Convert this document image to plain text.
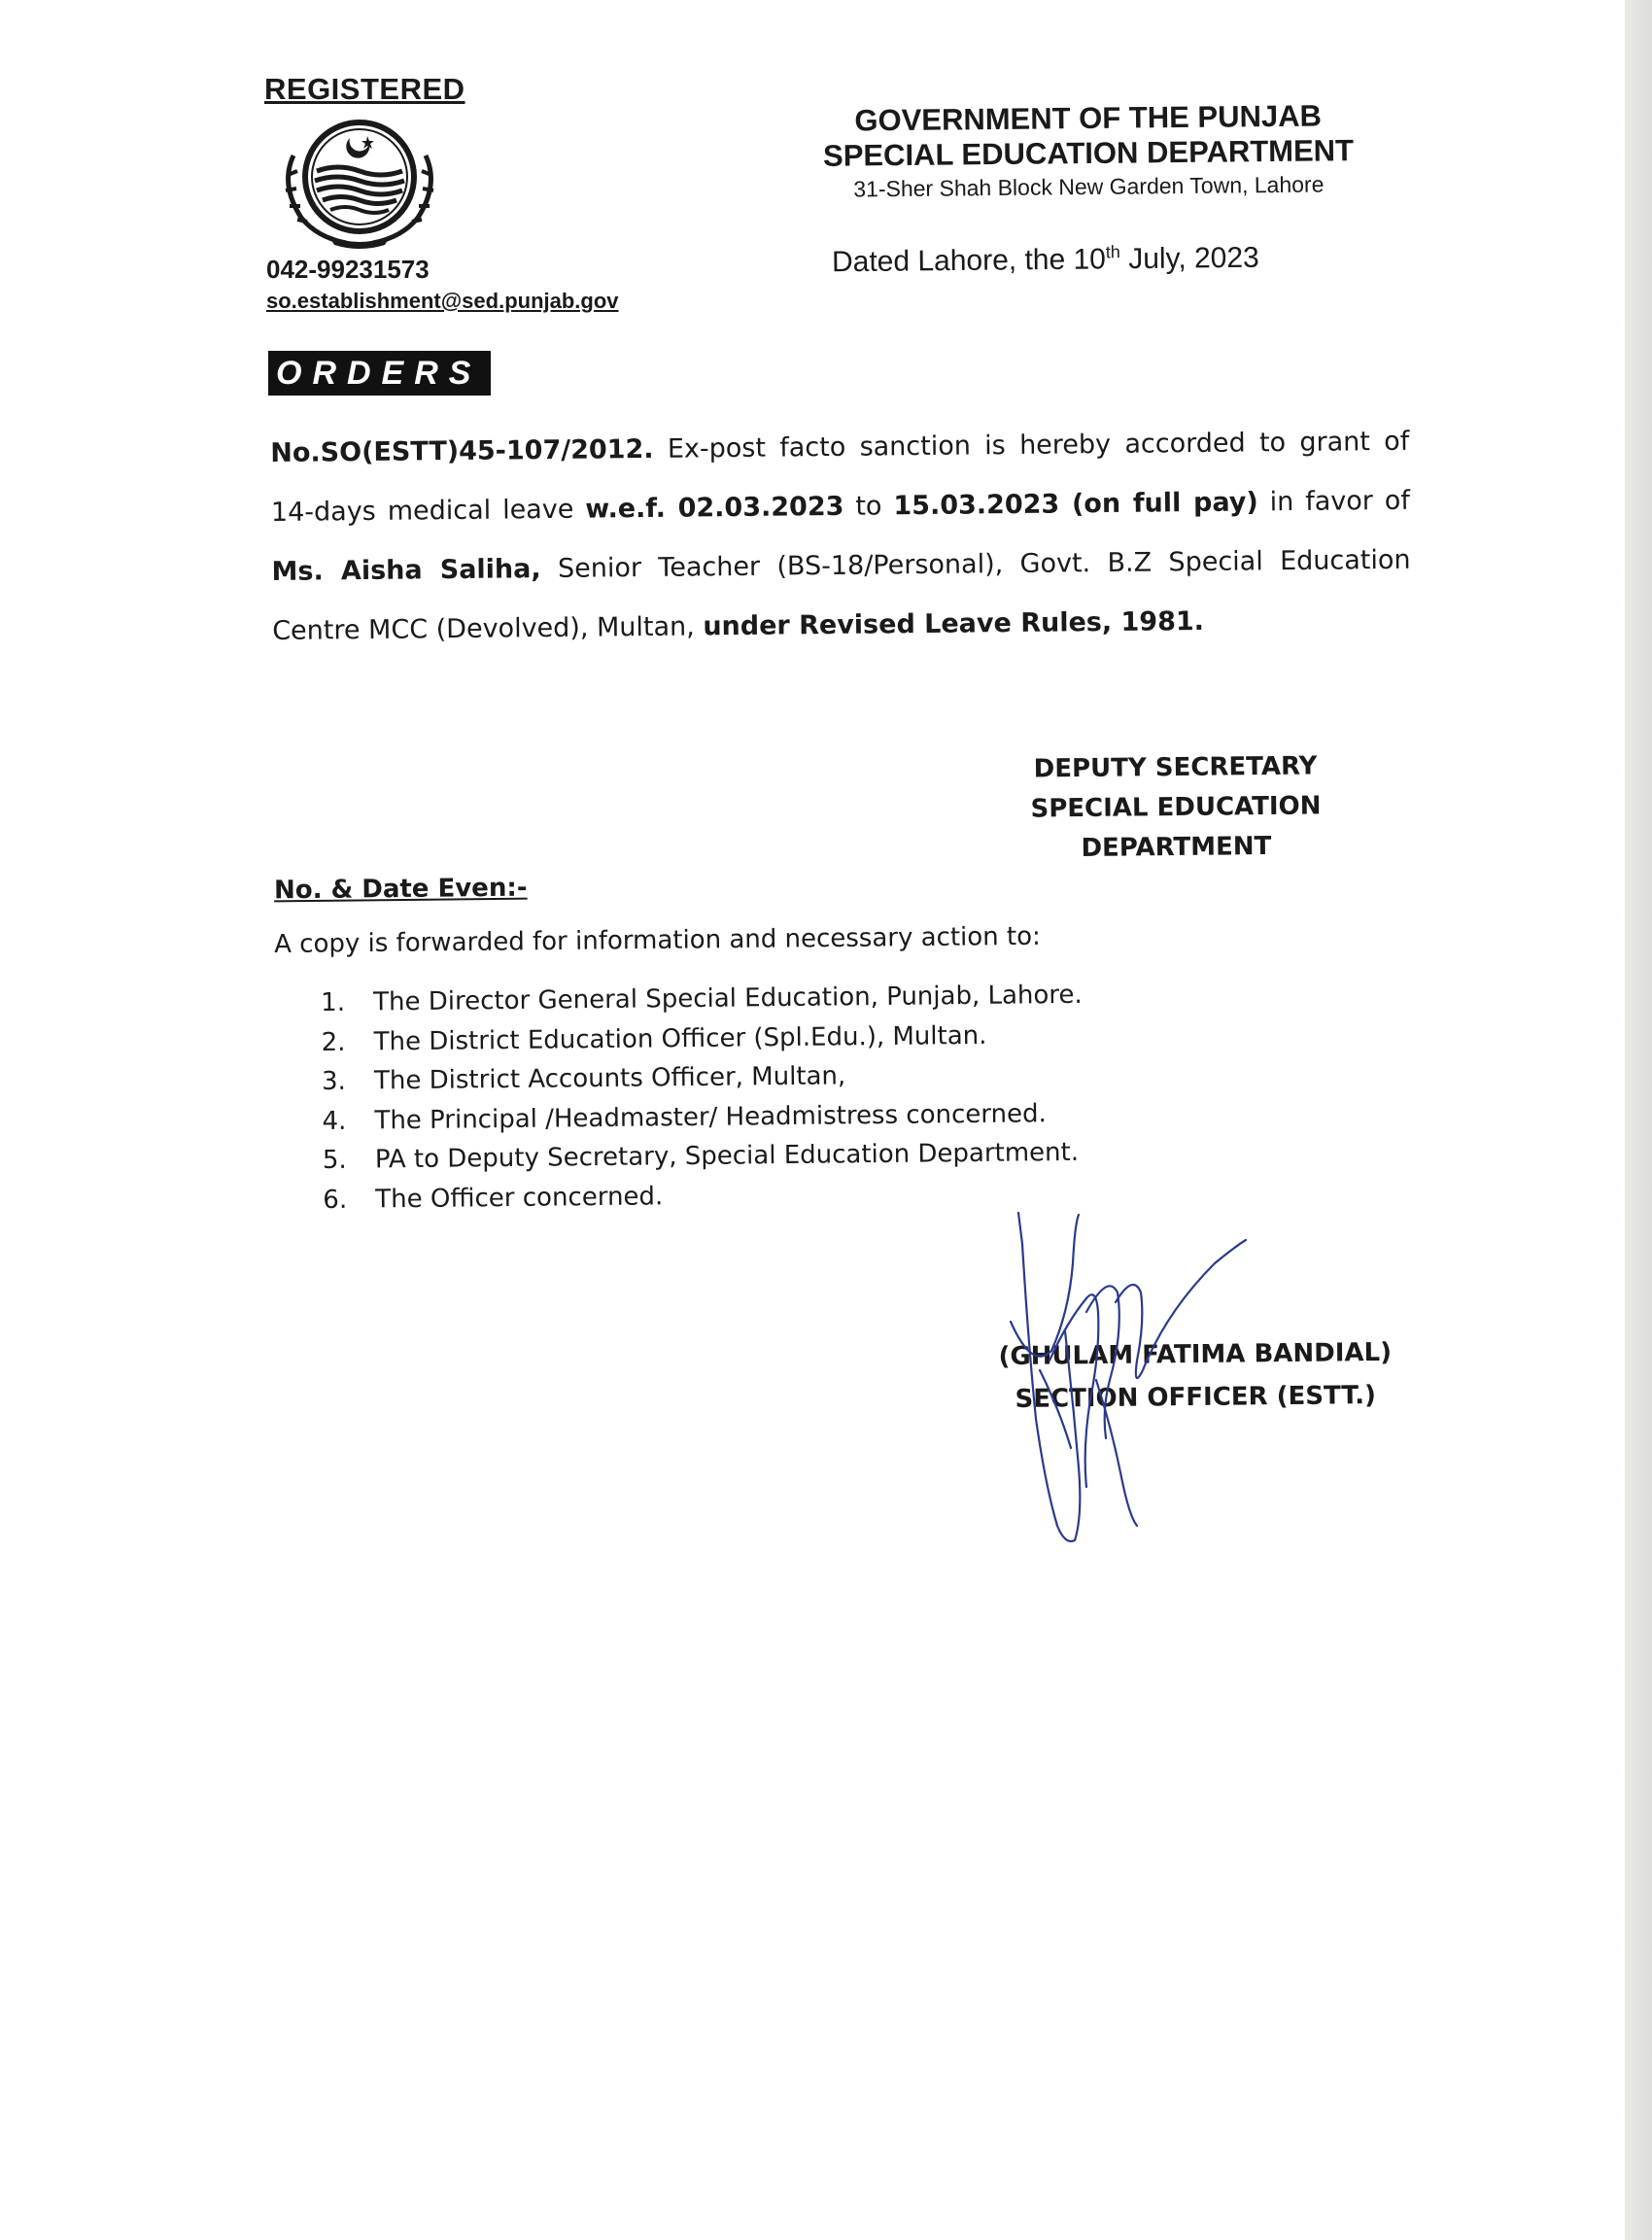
REGISTERED
042-99231573
so.establishment@sed.punjab.gov
GOVERNMENT OF THE PUNJAB
SPECIAL EDUCATION DEPARTMENT
31-Sher Shah Block New Garden Town, Lahore
Dated Lahore, the 10th July, 2023
ORDERS
No.SO(ESTT)45-107/2012. Ex-post facto sanction is hereby accorded to grant of 14-days medical leave w.e.f. 02.03.2023 to 15.03.2023 (on full pay) in favor of Ms. Aisha Saliha, Senior Teacher (BS-18/Personal), Govt. B.Z Special Education Centre MCC (Devolved), Multan, under Revised Leave Rules, 1981.
DEPUTY SECRETARY
SPECIAL EDUCATION
DEPARTMENT
No. & Date Even:-
A copy is forwarded for information and necessary action to:
1.	The Director General Special Education, Punjab, Lahore.
2.	The District Education Officer (Spl.Edu.), Multan.
3.	The District Accounts Officer, Multan,
4.	The Principal /Headmaster/ Headmistress concerned.
5.	PA to Deputy Secretary, Special Education Department.
6.	The Officer concerned.
(GHULAM FATIMA BANDIAL)
SECTION OFFICER (ESTT.)
